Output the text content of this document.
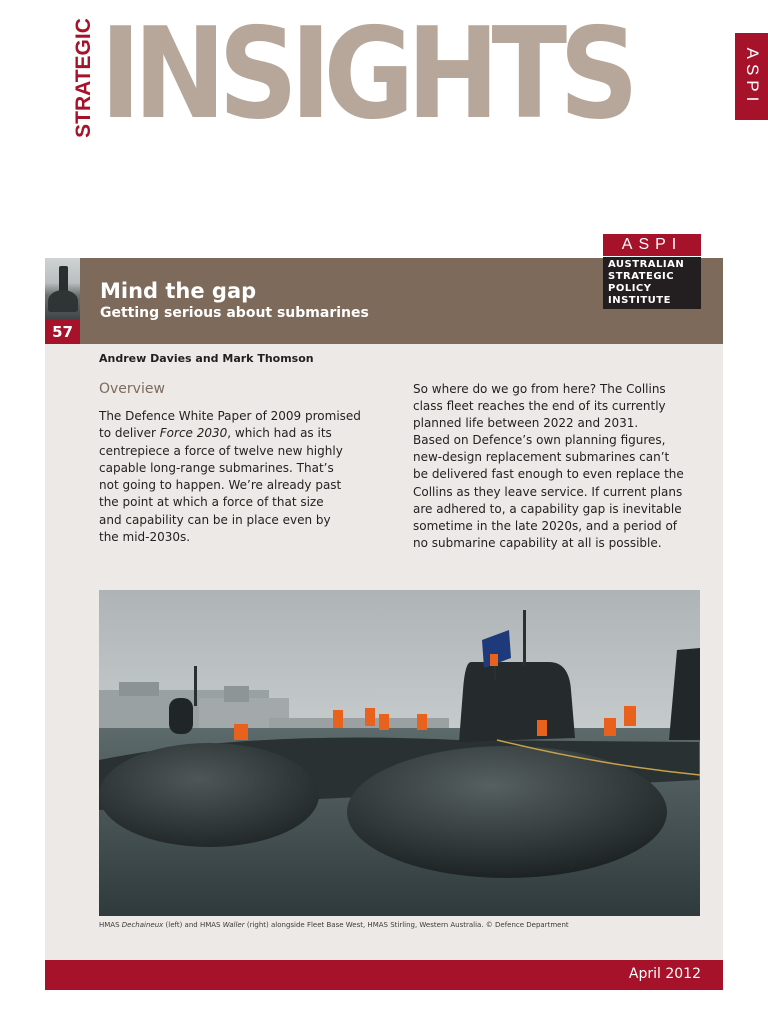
STRATEGIC INSIGHTS	ASPI
57
Mind the gap
Getting serious about submarines
ASPI
AUSTRALIAN
STRATEGIC
POLICY
INSTITUTE
Andrew Davies and Mark Thomson
Overview

The Defence White Paper of 2009 promised

to deliver Force 2030, which had as its

centrepiece a force of twelve new highly

capable long-range submarines. That’s

not going to happen. We’re already past

the point at which a force of that size

and capability can be in place even by

the mid-2030s.

So where do we go from here? The Collins

class fleet reaches the end of its currently

planned life between 2022 and 2031.

Based on Defence’s own planning figures,

new-design replacement submarines can’t

be delivered fast enough to even replace the

Collins as they leave service. If current plans

are adhered to, a capability gap is inevitable

sometime in the late 2020s, and a period of

no submarine capability at all is possible.

HMAS Dechaineux (left) and HMAS Waller (right) alongside Fleet Base West, HMAS Stirling, Western Australia. © Defence Department
April 2012
